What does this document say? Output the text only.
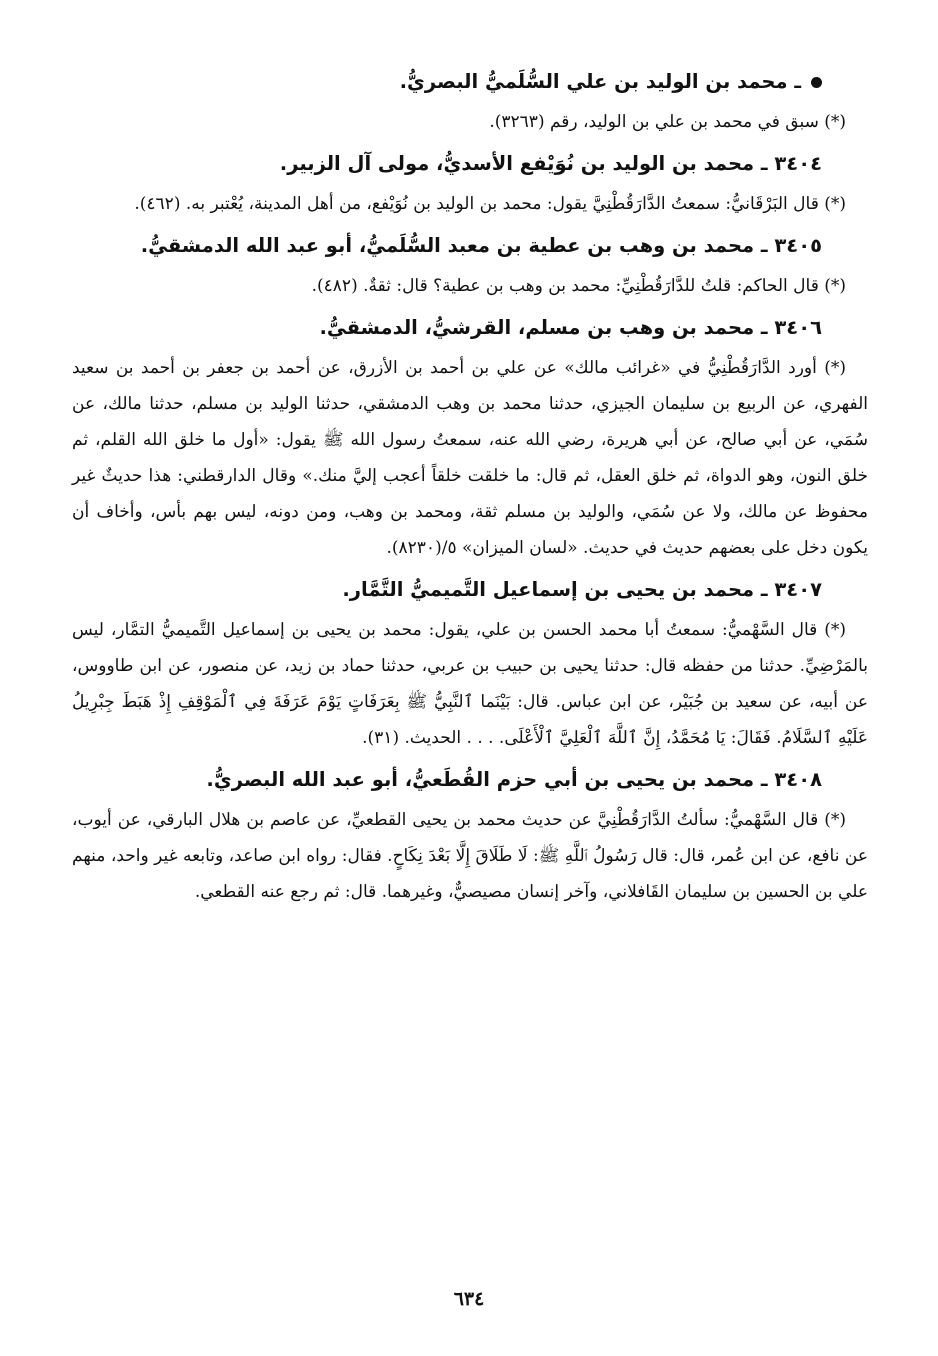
ـ محمد بن الوليد بن علي السُّلَميُّ البصريُّ.

(*) سبق في محمد بن علي بن الوليد، رقم (٣٢٦٣).

٣٤٠٤ ـ محمد بن الوليد بن نُوَيْفع الأسديُّ، مولى آل الزبير.

(*) قال البَرْقَانيُّ: سمعتُ الدَّارَقُطْنِيَّ يقول: محمد بن الوليد بن نُوَيْفع، من أهل المدينة، يُعْتبر به. (٤٦٢).

٣٤٠٥ ـ محمد بن وهب بن عطية بن معبد السُّلَميُّ، أبو عبد الله الدمشقيُّ.

(*) قال الحاكم: قلتُ للدَّارَقُطْنِيِّ: محمد بن وهب بن عطية؟ قال: ثقةٌ. (٤٨٢).

٣٤٠٦ ـ محمد بن وهب بن مسلم، القرشيُّ، الدمشقيُّ.

(*) أورد الدَّارَقُطْنِيُّ في «غرائب مالك» عن علي بن أحمد بن الأزرق، عن أحمد بن جعفر بن أحمد بن سعيد الفهري، عن الربيع بن سليمان الجيزي، حدثنا محمد بن وهب الدمشقي، حدثنا الوليد بن مسلم، حدثنا مالك، عن سُمَي، عن أبي صالح، عن أبي هريرة، رضي الله عنه، سمعتُ رسول الله ﷺ يقول: «أول ما خلق الله القلم، ثم خلق النون، وهو الدواة، ثم خلق العقل، ثم قال: ما خلقت خلقاً أعجب إليَّ منك.» وقال الدارقطني: هذا حديثٌ غير محفوظ عن مالك، ولا عن سُمَي، والوليد بن مسلم ثقة، ومحمد بن وهب، ومن دونه، ليس بهم بأس، وأخاف أن يكون دخل على بعضهم حديث في حديث. «لسان الميزان» ٥/(٨٢٣٠).

٣٤٠٧ ـ محمد بن يحيى بن إسماعيل التَّميميُّ التَّمَّار.

(*) قال السَّهْميُّ: سمعتُ أبا محمد الحسن بن علي، يقول: محمد بن يحيى بن إسماعيل التَّميميُّ التمَّار، ليس بالمَرْضِيِّ. حدثنا من حفظه قال: حدثنا يحيى بن حبيب بن عربي، حدثنا حماد بن زيد، عن منصور، عن ابن طاووس، عن أبيه، عن سعيد بن جُبَيْر، عن ابن عباس. قال: بَيْنَما ٱلنَّبِيُّ ﷺ بِعَرَفَاتٍ يَوْمَ عَرَفَةَ فِي ٱلْمَوْقِفِ إِذْ هَبَطَ جِبْرِيلُ عَلَيْهِ ٱلسَّلَامُ. فَقَالَ: يَا مُحَمَّدُ، إِنَّ ٱللَّهَ ٱلْعَلِيَّ ٱلْأَعْلَى. . . . الحديث. (٣١).

٣٤٠٨ ـ محمد بن يحيى بن أبي حزم القُطَعيُّ، أبو عبد الله البصريُّ.

(*) قال السَّهْميُّ: سألتُ الدَّارَقُطْنِيَّ عن حديث محمد بن يحيى القطعيِّ، عن عاصم بن هلال البارقي، عن أيوب، عن نافع، عن ابن عُمر، قال: قال رَسُولُ ٱللَّهِ ﷺ: لَا طَلَاقَ إِلَّا بَعْدَ نِكَاحٍ. فقال: رواه ابن صاعد، وتابعه غير واحد، منهم علي بن الحسين بن سليمان القَافلاني، وآخر إنسان مصيصيٌّ، وغيرهما. قال: ثم رجع عنه القطعي.

٦٣٤
